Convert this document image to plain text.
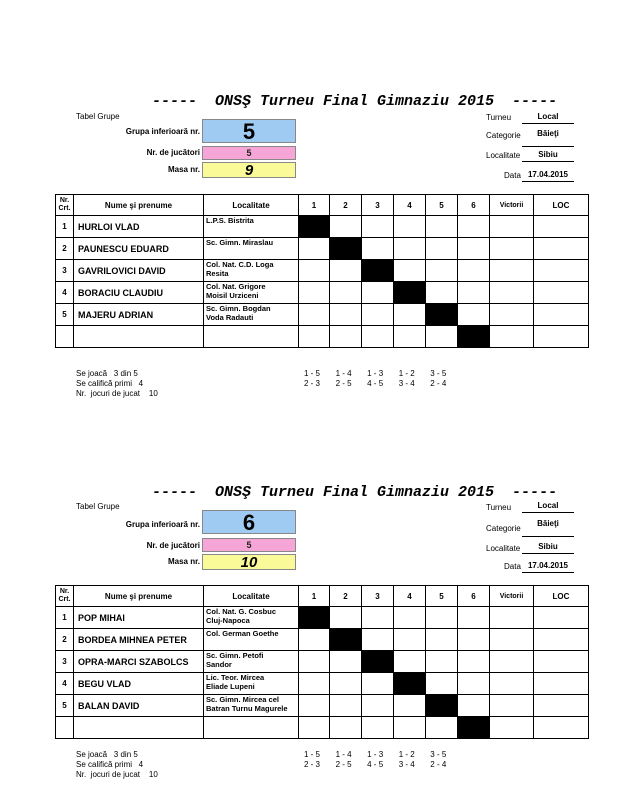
-----  ONSŞ Turneu Final Gimnaziu 2015  -----
Tabel Grupe
Grupa inferioară nr.	5
Nr. de jucători	5
Masa nr.	9
Turneu	Local
Categorie	Băieţi
Localitate	Sibiu
Data 17.04.2015
Nr. Crt.	Nume şi prenume	Localitate	1	2	3	4	5	6	Victorii	LOC
1	HURLOI VLAD	L.P.S. Bistrita								

2	PAUNESCU EDUARD	Sc. Gimn. Miraslau								

3	GAVRILOVICI DAVID	Col. Nat. C.D. Loga
Resita								

4	BORACIU CLAUDIU	Col. Nat. Grigore
Moisil Urziceni								

5	MAJERU ADRIAN	Sc. Gimn. Bogdan
Voda Radauti								

Se joacă   3 din 5
Se califică primi   4
Nr.  jocuri de jucat    10
1 - 5       1 - 4       1 - 3       1 - 2       3 - 5
2 - 3       2 - 5       4 - 5       3 - 4       2 - 4
-----  ONSŞ Turneu Final Gimnaziu 2015  -----
Tabel Grupe
Grupa inferioară nr.	6
Nr. de jucători	5
Masa nr.	10
Turneu	Local
Categorie
Băieţi
Localitate	Sibiu
Data 17.04.2015
Nr. Crt.	Nume şi prenume	Localitate	1	2	3	4	5	6	Victorii	LOC
1	POP MIHAI	Col. Nat. G. Cosbuc
Cluj-Napoca								

2	BORDEA MIHNEA PETER	Col. German Goethe								

3	OPRA-MARCI SZABOLCS	Sc. Gimn. Petofi
Sandor								

4	BEGU VLAD	Lic. Teor. Mircea
Eliade Lupeni								

5	BALAN DAVID	Sc. Gimn. Mircea cel
Batran Turnu Magurele								

Se joacă   3 din 5
Se califică primi   4
Nr.  jocuri de jucat    10
1 - 5       1 - 4       1 - 3       1 - 2       3 - 5
2 - 3       2 - 5       4 - 5       3 - 4       2 - 4
